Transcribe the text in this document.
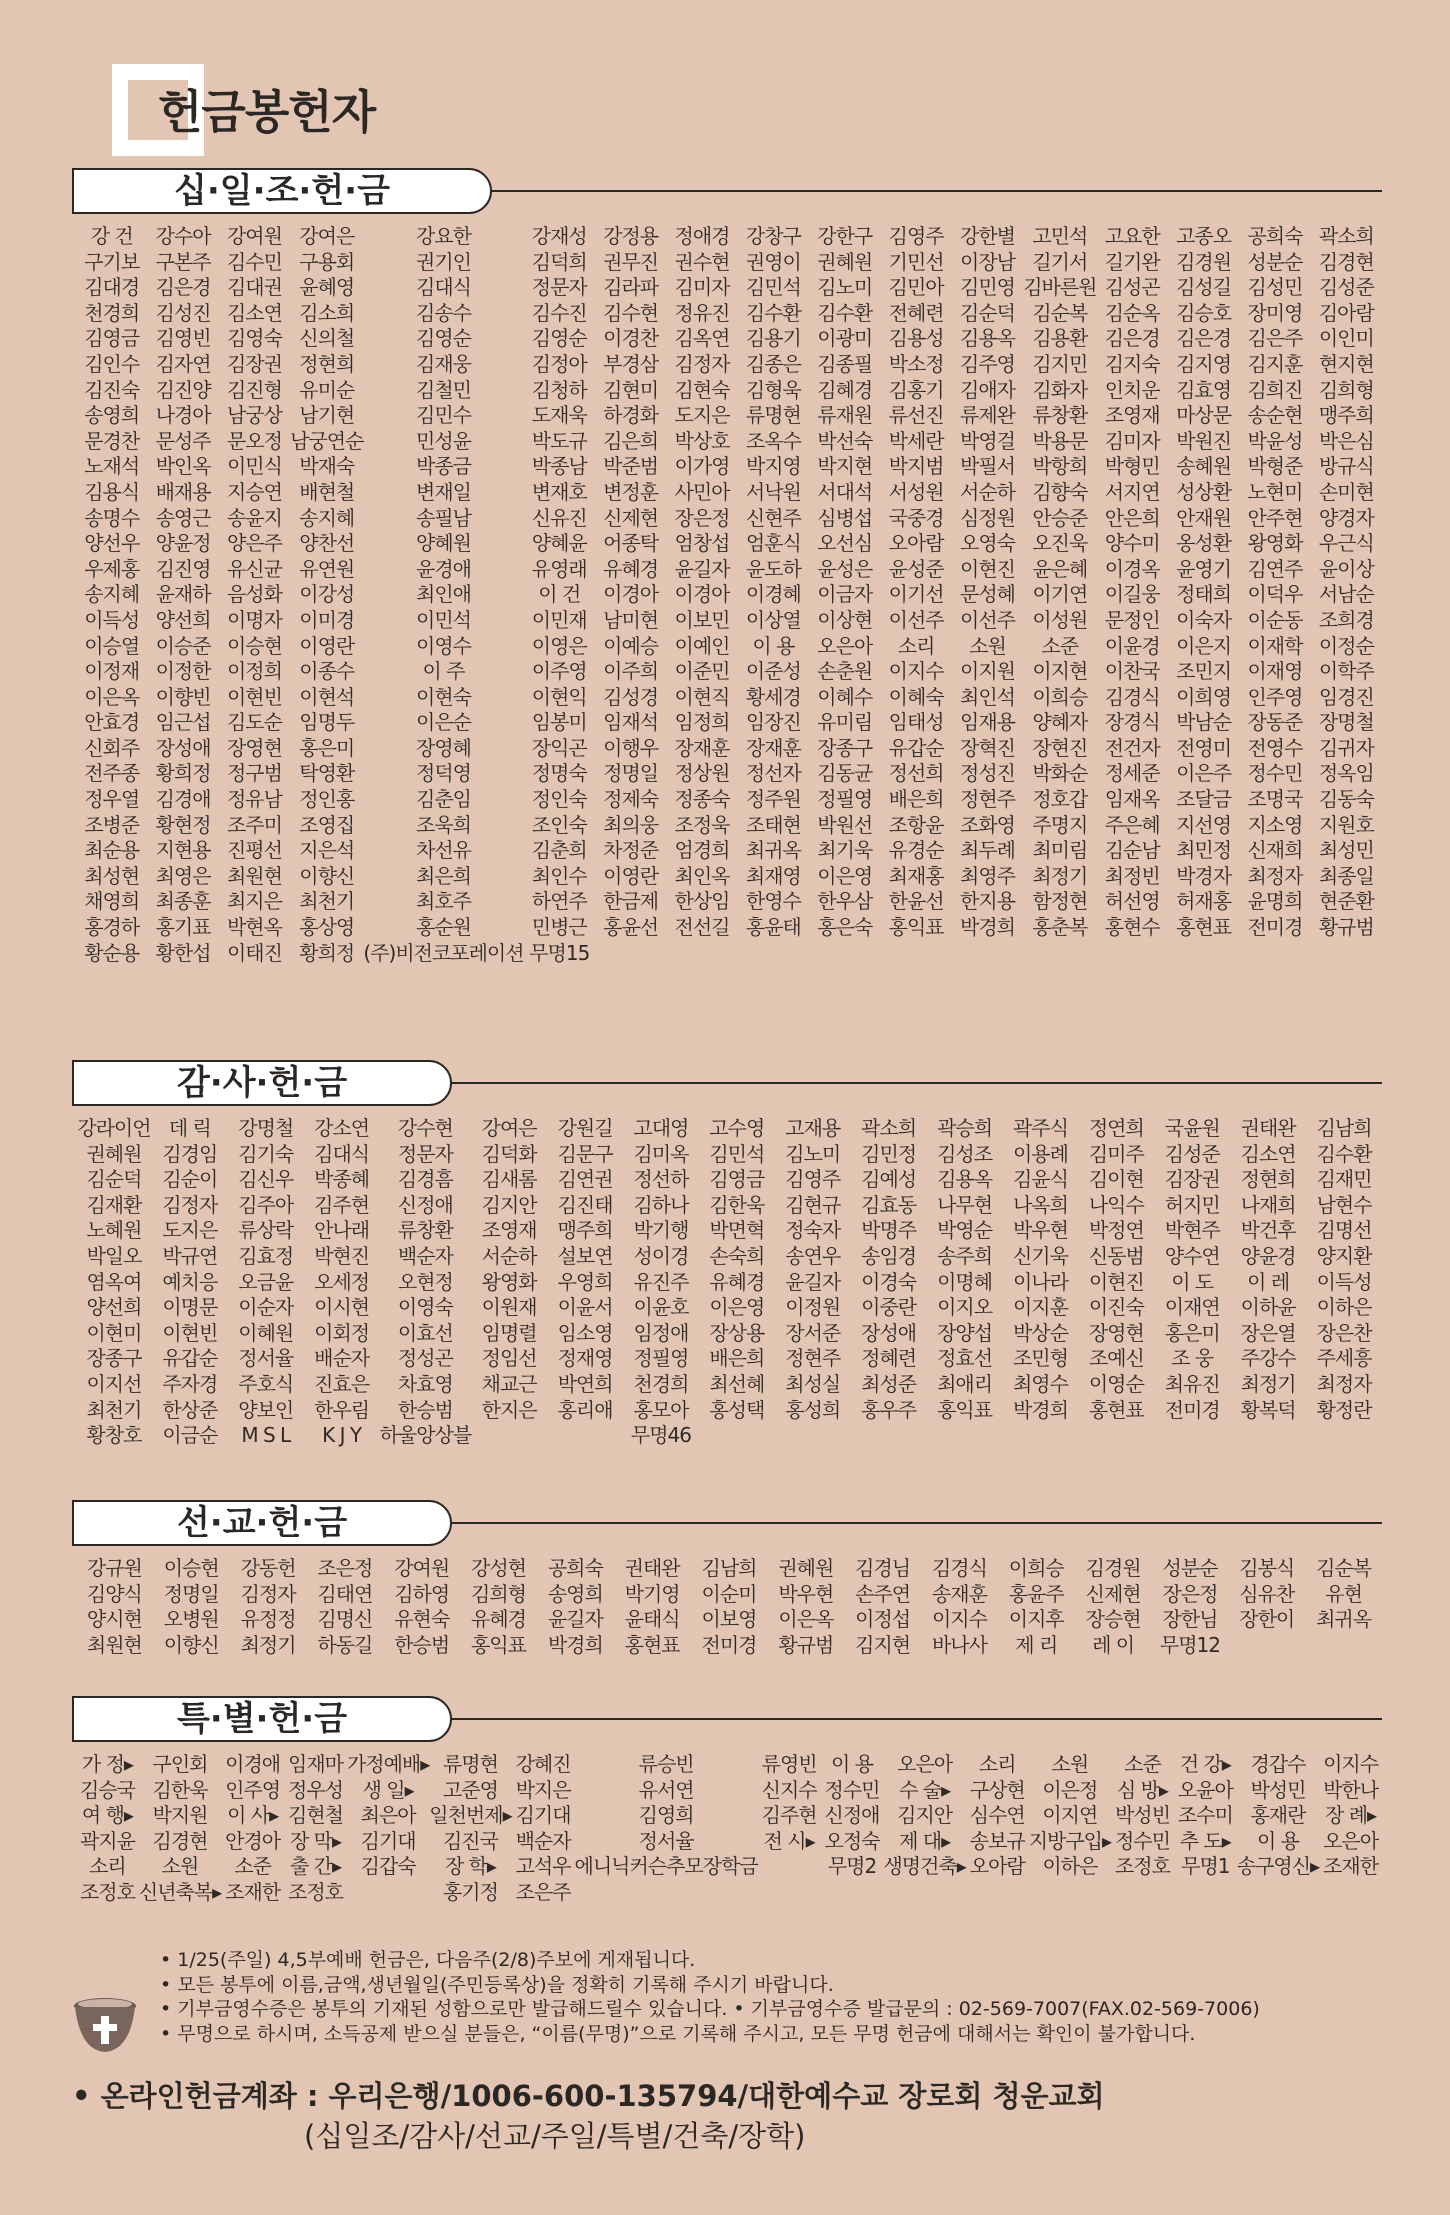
헌금봉헌자
십·일·조·헌·금
강 건	강수아 강여원 강여은	강요한	강재성 강정용 정애경 강창구 강한구 김영주 강한별 고민석 고요한 고종오 공희숙 곽소희
구기보 구본주 김수민 구용회	권기인	김덕희 권무진 권수현 권영이 권혜원 기민선 이장남 길기서 길기완 김경원 성분순 김경현
김대경 김은경 김대권 윤혜영	김대식	정문자 김라파 김미자 김민석 김노미 김민아 김민영 김바른원 김성곤 김성길 김성민 김성준
천경희 김성진 김소연 김소희	김송수	김수진 김수현 정유진 김수환 김수환 전혜련 김순덕 김순복 김순옥 김승호 장미영 김아람
김영금 김영빈 김영숙 신의철	김영순	김영순 이경찬 김옥연 김용기 이광미 김용성 김용옥 김용환 김은경 김은경 김은주 이인미
김인수 김자연 김장권 정현희	김재웅	김정아 부경삼 김정자 김종은 김종필 박소정 김주영 김지민 김지숙 김지영 김지훈 현지현
김진숙 김진양 김진형 유미순	김철민	김청하 김현미 김현숙 김형욱 김혜경 김홍기 김애자 김화자 인치운 김효영 김희진 김희형
송영희 나경아 남궁상 남기현	김민수	도재욱 하경화 도지은 류명현 류재원 류선진 류제완 류창환 조영재 마상문 송순현 맹주희
문경찬 문성주 문오정 남궁연순	민성윤	박도규 김은희 박상호 조옥수 박선숙 박세란 박영걸 박용문 김미자 박원진 박윤성 박은심
노재석 박인옥 이민식 박재숙	박종금	박종남 박준범 이가영 박지영 박지현 박지범 박필서 박항희 박형민 송혜원 박형준 방규식
김용식 배재용 지승연 배현철	변재일	변재호 변정훈 사민아 서낙원 서대석 서성원 서순하 김향숙 서지연 성상환 노현미 손미현
송명수 송영근 송윤지 송지혜	송필남	신유진 신제현 장은정 신현주 심병섭 국중경 심정원 안승준 안은희 안재원 안주현 양경자
양선우 양윤정 양은주 양찬선	양혜원	양혜윤 어종탁 엄창섭 엄훈식 오선심 오아람 오영숙 오진욱 양수미 옹성환 왕영화 우근식
우제홍 김진영 유신균 유연원	윤경애	유영래 유혜경 윤길자 윤도하 윤성은 윤성준 이현진 윤은혜 이경옥 윤영기 김연주 윤이상
송지혜 윤재하 음성화 이강성	최인애	이 건	이경아 이경아 이경혜 이금자 이기선 문성혜 이기연 이길웅 정태희 이덕우 서남순
이득성 양선희 이명자 이미경	이민석	이민재 남미현 이보민 이상열 이상현 이선주 이선주 이성원 문정인 이숙자 이순동 조희경
이승열 이승준 이승현 이영란	이영수	이영은 이예승 이예인	이 용	오은아	소리	소원	소준	이윤경 이은지 이재학 이정순
이정재 이정한 이정희 이종수	이 주	이주영 이주희 이준민 이준성 손춘원 이지수 이지원 이지현 이찬국 조민지 이재영 이학주
이은옥 이향빈 이현빈 이현석	이현숙	이현익 김성경 이현직 황세경 이혜수 이혜숙 최인석 이희승 김경식 이희영 인주영 임경진
안효경 임근섭 김도순 임명두	이은순	임봉미 임재석 임정희 임장진 유미림 임태성 임재용 양혜자 장경식 박남순 장동준 장명철
신회주 장성애 장영현 홍은미	장영혜	장익곤 이행우 장재훈 장재훈 장종구 유갑순 장혁진 장현진 전건자 전영미 전영수 김귀자
전주종 황희정 정구범 탁영환	정덕영	정명숙 정명일 정상원 정선자 김동균 정선희 정성진 박화순 정세준 이은주 정수민 정옥임
정우열 김경애 정유남 정인홍	김춘임	정인숙 정제숙 정종숙 정주원 정필영 배은희 정현주 정호갑 임재옥 조달금 조명국 김동숙
조병준 황현정 조주미 조영집	조욱희	조인숙 최의웅 조정욱 조태현 박원선 조항윤 조화영 주명지 주은혜 지선영 지소영 지원호
최순용 지현용 진평선 지은석	차선유	김춘희 차정준 엄경희 최귀옥 최기욱 유경순 최두례 최미림 김순남 최민정 신재희 최성민
최성현 최영은 최원현 이향신	최은희	최인수 이영란 최인옥 최재영 이은영 최재홍 최영주 최정기 최정빈 박경자 최정자 최종일
채영희 최종훈 최지은 최천기	최호주	하연주 한금제 한상임 한영수 한우삼 한윤선 한지용 함정현 허선영 허재홍 윤명희 현준환
홍경하 홍기표 박현옥 홍상영	홍순원	민병근 홍윤선 전선길 홍윤태 홍은숙 홍익표 박경희 홍춘복 홍현수 홍현표 전미경 황규범
황순용 황한섭 이태진 황희정 (주)비전코포레이션 무명15
감·사·헌·금
강라이언 데 릭	강명철	강소연	강수현	강여은	강원길	고대영	고수영	고재용	곽소희	곽승희	곽주식	정연희	국윤원	권태완	김남희
권혜원	김경임	김기숙	김대식	정문자	김덕화	김문구	김미옥	김민석	김노미	김민정	김성조	이용례	김미주	김성준	김소연	김수환
김순덕	김순이	김신우	박종혜	김경흠	김새롬	김연권	정선하	김영금	김영주	김예성	김용옥	김윤식	김이현	김장권	정현희	김재민
김재환	김정자	김주아	김주현	신정애	김지안	김진태	김하나	김한욱	김현규	김효동	나무현	나옥희	나익수	허지민	나재희	남현수
노혜원	도지은	류상락	안나래	류창환	조영재	맹주희	박기행	박면혁	정숙자	박명주	박영순	박우현	박정연	박현주	박건후	김명선
박일오	박규연	김효정	박현진	백순자	서순하	설보연	성이경	손숙희	송연우	송임경	송주희	신기욱	신동범	양수연	양윤경	양지환
염옥여	예치응	오금윤	오세정	오현정	왕영화	우영희	유진주	유혜경	윤길자	이경숙	이명혜	이나라	이현진	이 도	이 레	이득성
양선희	이명문	이순자	이시현	이영숙	이원재	이윤서	이윤호	이은영	이정원	이중란	이지오	이지훈	이진숙	이재연	이하윤	이하은
이현미	이현빈	이혜원	이회정	이효선	임명렬	임소영	임정애	장상용	장서준	장성애	장양섭	박상순	장영현	홍은미	장은열	장은찬
장종구	유갑순	정서율	배순자	정성곤	정임선	정재영	정필영	배은희	정현주	정혜련	정효선	조민형	조예신	조 웅	주강수	주세흥
이지선	주자경	주호식	진효은	차효영	채교근	박연희	천경희	최선혜	최성실	최성준	최애리	최영수	이영순	최유진	최정기	최정자
최천기	한상준	양보인	한우림	한승범	한지은	홍리애	홍모아	홍성택	홍성희	홍우주	홍익표	박경희	홍현표	전미경	황복덕	황정란
황창호	이금순	M S L	K J Y 하울앙상블	무명46
선·교·헌·금
강규원	이승현	강동헌	조은정	강여원	강성현	공희숙	권태완	김남희	권혜원	김경님	김경식	이희승	김경원	성분순	김봉식	김순복
김양식	정명일	김정자	김태연	김하영	김희형	송영희	박기영	이순미	박우현	손주연	송재훈	홍윤주	신제현	장은정	심유찬	유현
양시현	오병원	유정정	김명신	유현숙	유혜경	윤길자	윤태식	이보영	이은옥	이정섭	이지수	이지후	장승현	장한님	장한이	최귀옥
최원현	이향신	최정기	하동길	한승범	홍익표	박경희	홍현표	전미경	황규범	김지현	바나사	제 리	레 이	무명12
특·별·헌·금
가 정▸ 구인회 이경애 임재마 가정예배▸ 류명현 강혜진	류승빈	류영빈 이 용	오은아	소리	소원	소준 건 강▸ 경갑수 이지수
김승국 김한욱 인주영 정우성 생 일▸	고준영 박지은	유서연	신지수 정수민 수 술▸ 구상현 이은정 심 방▸ 오윤아 박성민 박한나
여 행▸ 박지원 이 사▸ 김현철 최은아 일천번제▸ 김기대	김영희	김주현 신정애 김지안 심수연 이지연 박성빈 조수미 홍재란 장 례▸
곽지윤 김경현 안경아 장 막▸ 김기대	김진국 백순자	정서율	전 시▸ 오정숙 제 대▸ 송보규 지방구입▸ 정수민 추 도▸	이 용	오은아
소리	소원	소준 출 간▸ 김갑숙	장 학▸ 고석우 에니닉커슨추모장학금	무명2 생명건축▸ 오아람 이하은 조정호 무명1 송구영신▸ 조재한
조정호 신년축복▸ 조재한 조정호	홍기정 조은주
• 1/25(주일) 4,5부예배 헌금은, 다음주(2/8)주보에 게재됩니다.
• 모든 봉투에 이름,금액,생년월일(주민등록상)을 정확히 기록해 주시기 바랍니다.
• 기부금영수증은 봉투의 기재된 성함으로만 발급해드릴수 있습니다. • 기부금영수증 발급문의 : 02-569-7007(FAX.02-569-7006)
• 무명으로 하시며, 소득공제 받으실 분들은, “이름(무명)”으로 기록해 주시고, 모든 무명 헌금에 대해서는 확인이 불가합니다.
• 온라인헌금계좌 : 우리은행/1006-600-135794/대한예수교 장로회 청운교회
(십일조/감사/선교/주일/특별/건축/장학)
